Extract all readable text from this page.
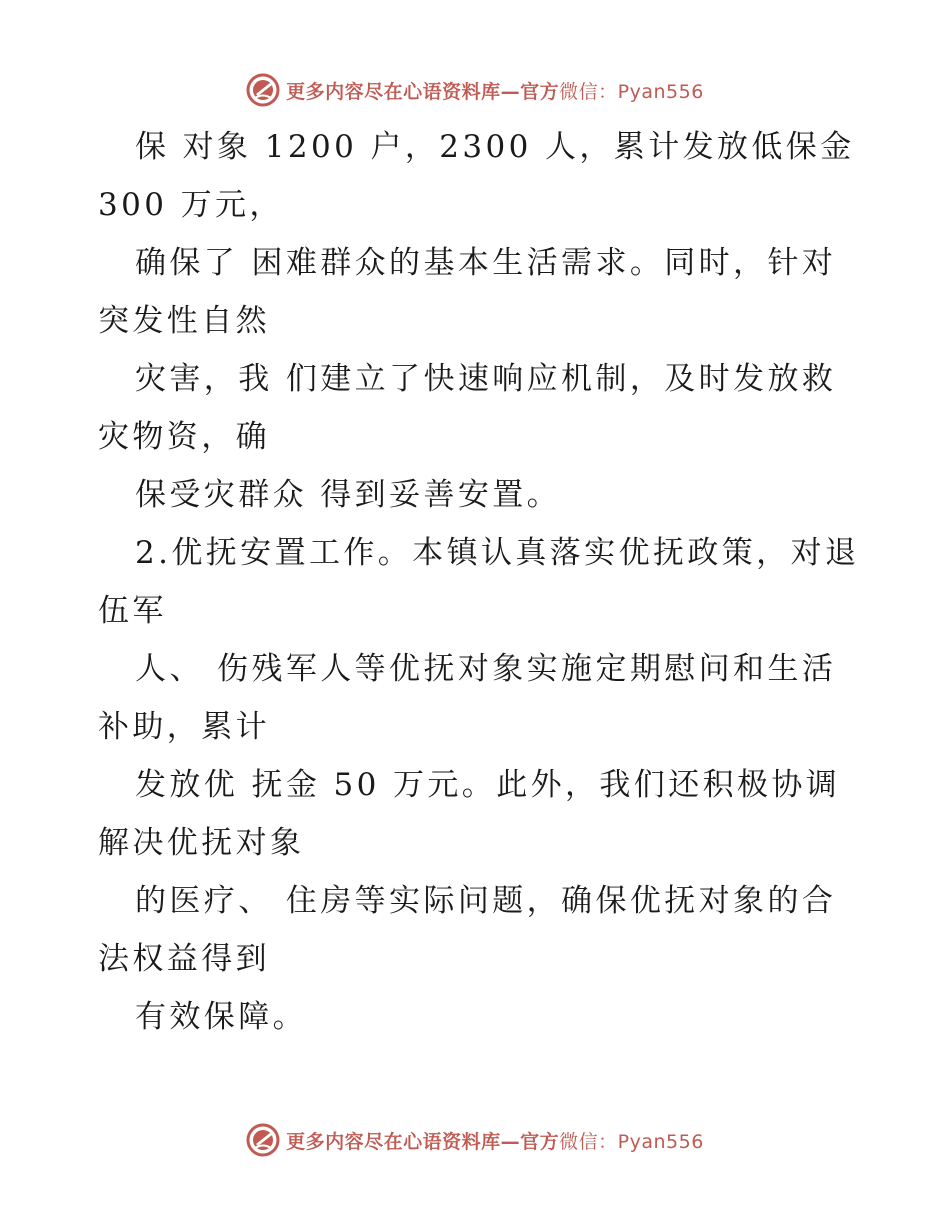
更多内容尽在心语资料库—官方微信：Pyan556
保 对象 1200 户，2300 人，累计发放低保金
300 万元，
确保了 困难群众的基本生活需求。同时，针对
突发性自然
灾害，我 们建立了快速响应机制，及时发放救
灾物资，确
保受灾群众 得到妥善安置。
2.优抚安置工作。本镇认真落实优抚政策，对退
伍军
人、 伤残军人等优抚对象实施定期慰问和生活
补助，累计
发放优 抚金 50 万元。此外，我们还积极协调
解决优抚对象
的医疗、 住房等实际问题，确保优抚对象的合
法权益得到
有效保障。
更多内容尽在心语资料库—官方微信：Pyan556
